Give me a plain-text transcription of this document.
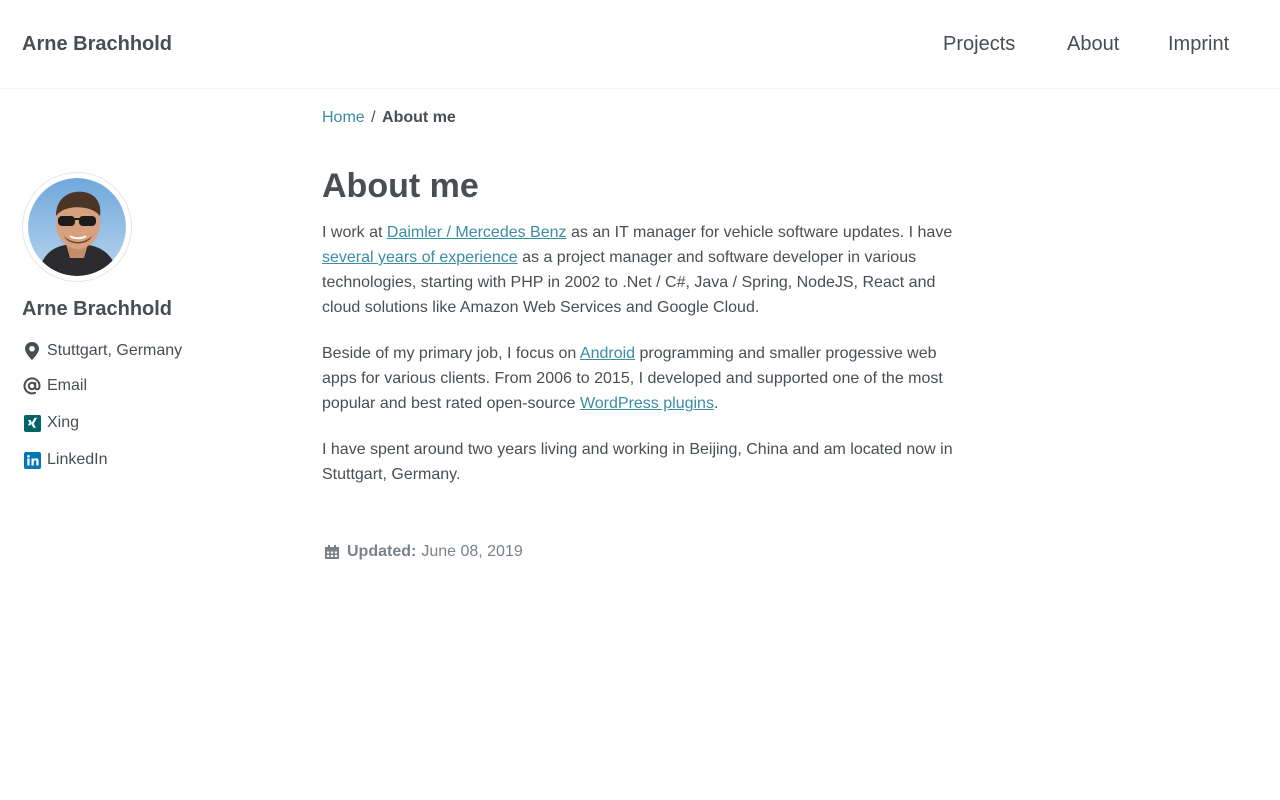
Arne Brachhold	Projects	About Imprint
Home / About me
Arne Brachhold
Stuttgart, Germany
Email
Xing
LinkedIn
About me

I work at Daimler / Mercedes Benz as an IT manager for vehicle software updates. I have several years of experience as a project manager and software developer in various technologies, starting with PHP in 2002 to .Net / C#, Java / Spring, NodeJS, React and cloud solutions like Amazon Web Services and Google Cloud.

Beside of my primary job, I focus on Android programming and smaller progessive web apps for various clients. From 2006 to 2015, I developed and supported one of the most popular and best rated open-source WordPress plugins.

I have spent around two years living and working in Beijing, China and am located now in Stuttgart, Germany.

Updated: June 08, 2019
